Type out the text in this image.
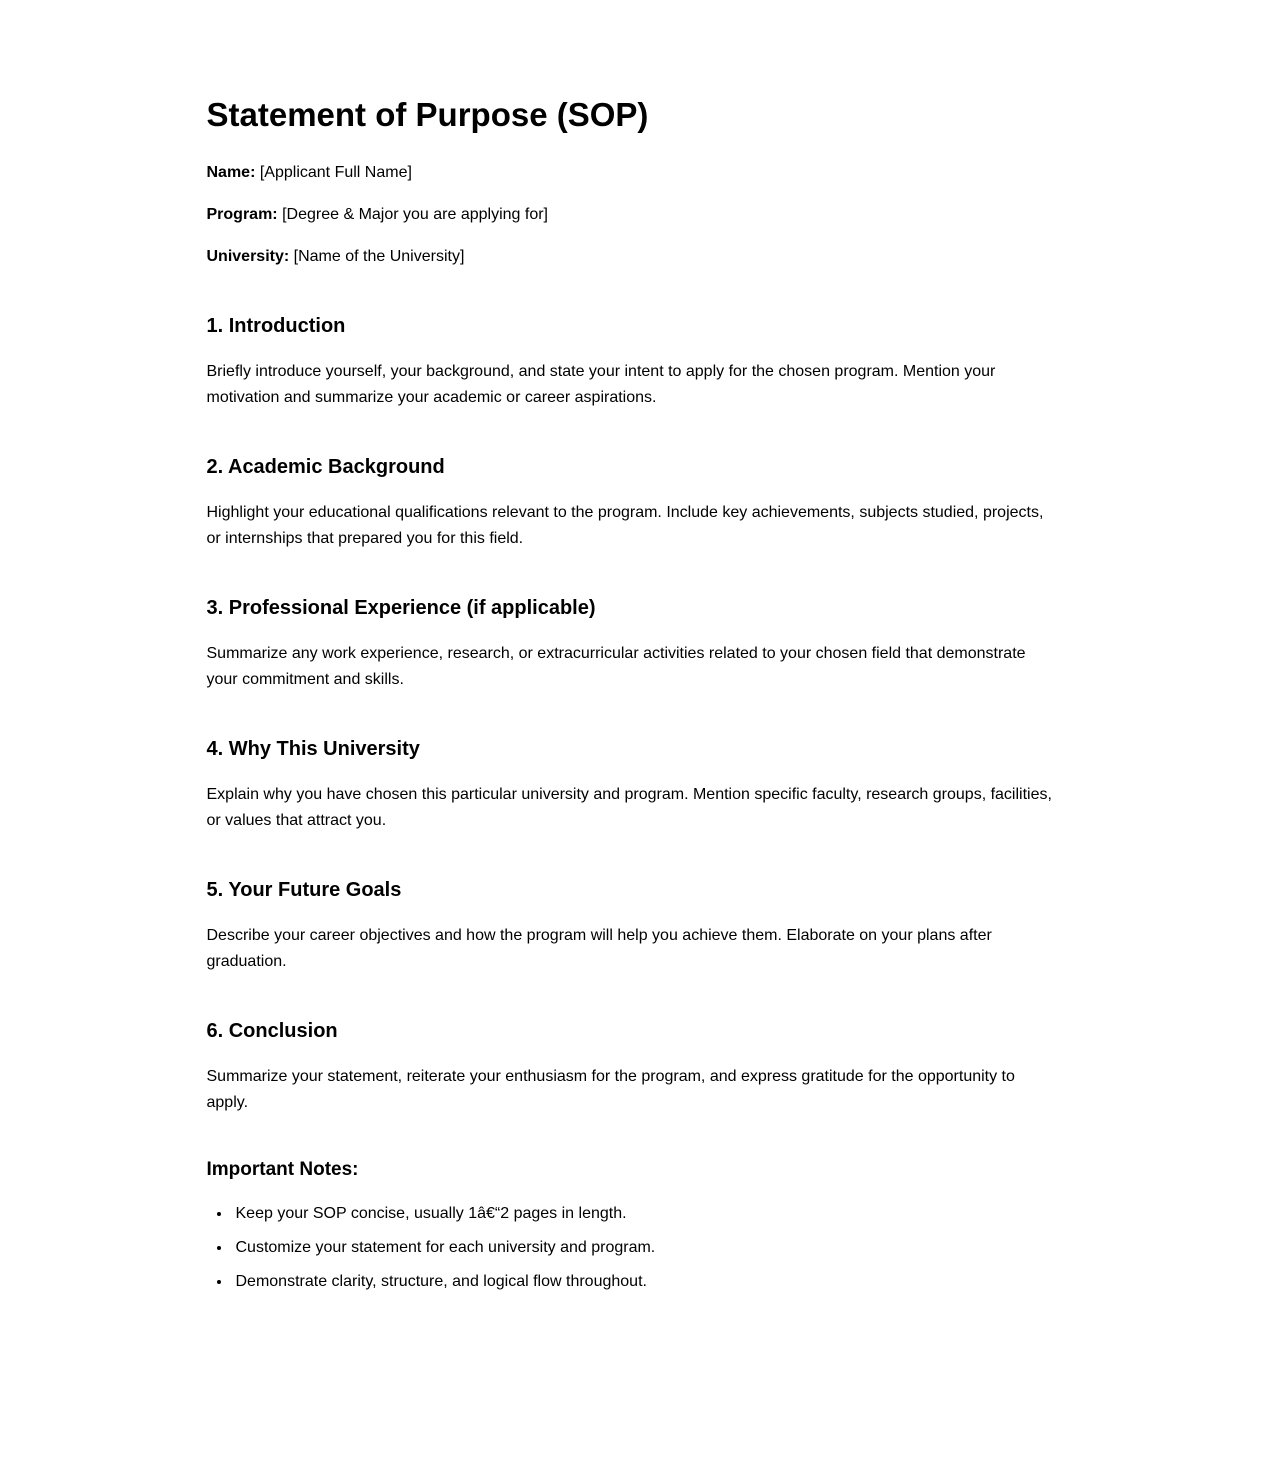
Statement of Purpose (SOP)

Name: [Applicant Full Name]

Program: [Degree & Major you are applying for]

University: [Name of the University]

1. Introduction

Briefly introduce yourself, your background, and state your intent to apply for the chosen program. Mention your motivation and summarize your academic or career aspirations.

2. Academic Background

Highlight your educational qualifications relevant to the program. Include key achievements, subjects studied, projects, or internships that prepared you for this field.

3. Professional Experience (if applicable)

Summarize any work experience, research, or extracurricular activities related to your chosen field that demonstrate your commitment and skills.

4. Why This University

Explain why you have chosen this particular university and program. Mention specific faculty, research groups, facilities, or values that attract you.

5. Your Future Goals

Describe your career objectives and how the program will help you achieve them. Elaborate on your plans after graduation.

6. Conclusion

Summarize your statement, reiterate your enthusiasm for the program, and express gratitude for the opportunity to apply.

Important Notes:
• Keep your SOP concise, usually 1â€“2 pages in length.
• Customize your statement for each university and program.
• Demonstrate clarity, structure, and logical flow throughout.
